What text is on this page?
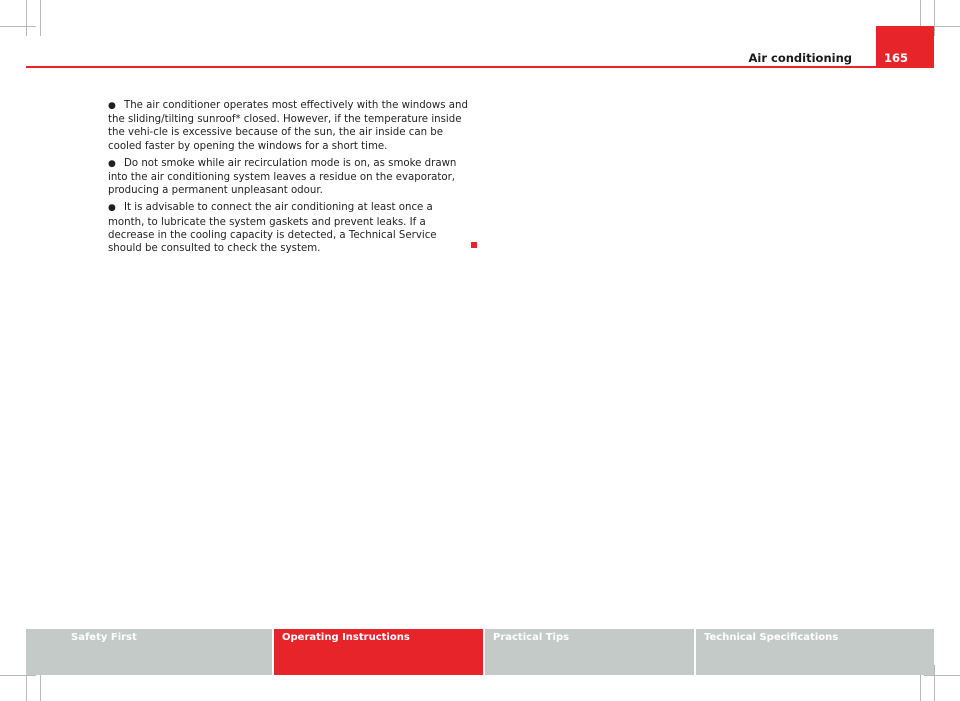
Air conditioning	165

● The air conditioner operates most effectively with the windows and the sliding/tilting sunroof* closed. However, if the temperature inside the vehi-cle is excessive because of the sun, the air inside can be cooled faster by opening the windows for a short time.

● Do not smoke while air recirculation mode is on, as smoke drawn into the air conditioning system leaves a residue on the evaporator, producing a permanent unpleasant odour.

● It is advisable to connect the air conditioning at least once a month, to lubricate the system gaskets and prevent leaks. If a decrease in the cooling capacity is detected, a Technical Service should be consulted to check the system.

Safety First	Operating Instructions	Practical Tips	Technical Specifications
